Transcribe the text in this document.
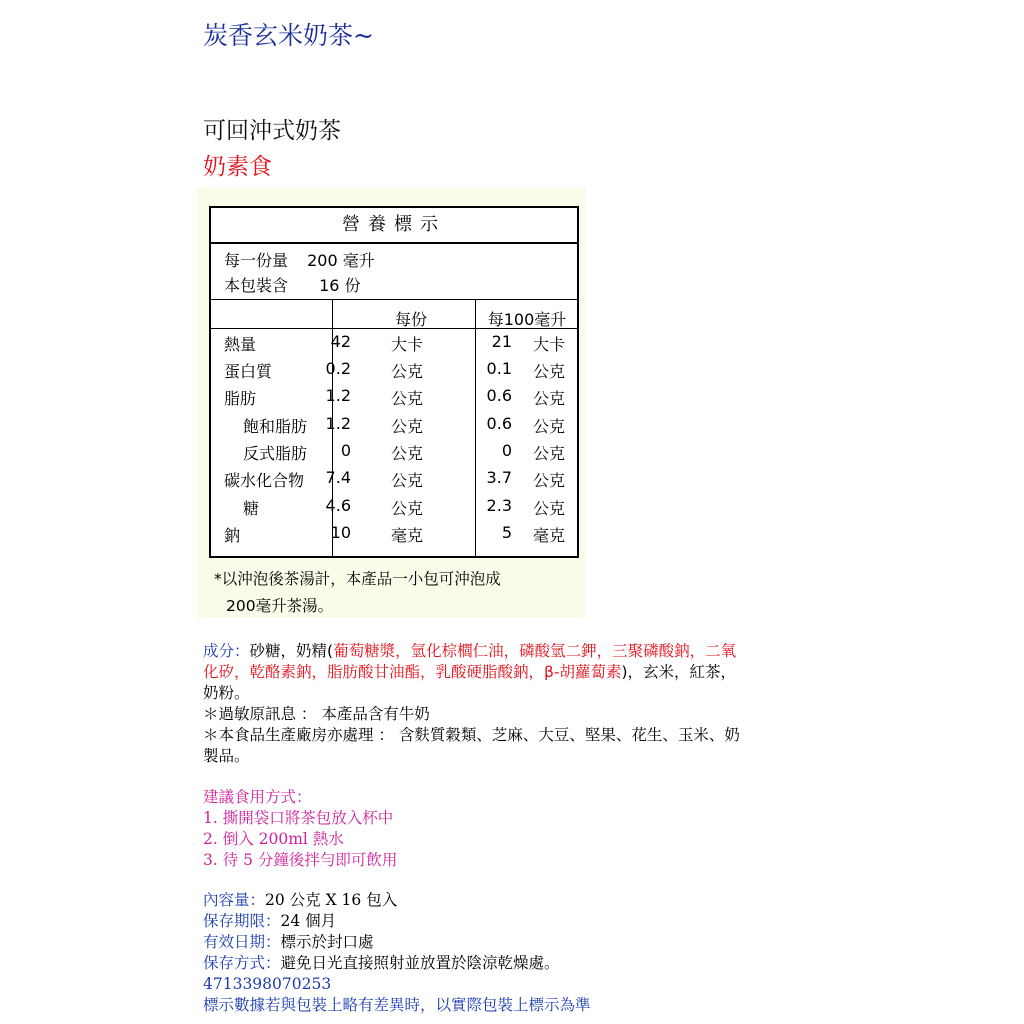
炭香玄米奶茶~
可回沖式奶茶
奶素食
營養標示
每一份量 200 毫升
本包裝含 16 份
每份	每100毫升
熱量	42	大卡	21 大卡
蛋白質	0.2	公克	0.1 公克
脂肪	1.2	公克	0.6 公克
飽和脂肪 1.2	公克	0.6 公克
反式脂肪 0	公克	0 公克
碳水化合物 7.4	公克	3.7 公克
糖	4.6	公克	2.3 公克
鈉	10	毫克	5 毫克
*以沖泡後茶湯計，本產品一小包可沖泡成
200毫升茶湯。
成分：砂糖，奶精(葡萄糖漿，氫化棕櫚仁油，磷酸氫二鉀，三聚磷酸鈉，二氧
化矽，乾酪素鈉，脂肪酸甘油酯，乳酸硬脂酸鈉，β-胡蘿蔔素)，玄米，紅茶，
奶粉。
＊過敏原訊息 ： 本產品含有牛奶
＊本食品生產廠房亦處理 ： 含麩質穀類、芝麻、大豆、堅果、花生、玉米、奶
製品。
建議食用方式：
1. 撕開袋口將茶包放入杯中
2. 倒入 200ml 熱水
3. 待 5 分鐘後拌勻即可飲用
內容量：20 公克 X 16 包入
保存期限：24 個月
有效日期：標示於封口處
保存方式：避免日光直接照射並放置於陰涼乾燥處。
4713398070253
標示數據若與包裝上略有差異時，以實際包裝上標示為準
